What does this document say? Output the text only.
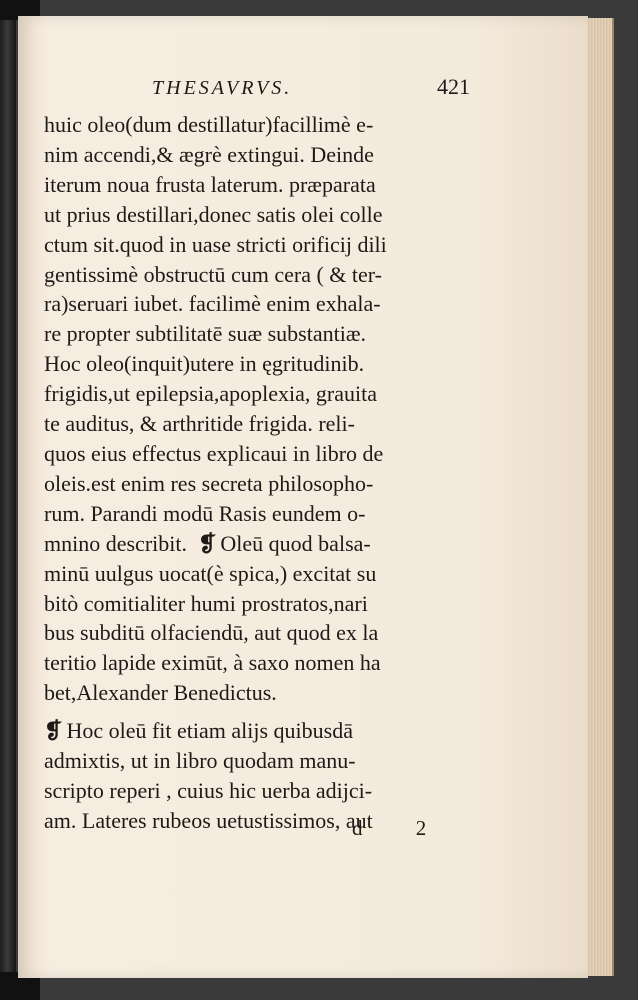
THESAVRVS.	421
huic oleo(dum destillatur)facillimè e-
nim accendi,& ægrè extingui. Deinde
iterum noua frusta laterum. præparata
ut prius destillari,donec satis olei colle
ctum sit.quod in uase stricti orificij dili
gentissimè obstructū cum cera ( & ter-
ra)seruari iubet. facilimè enim exhala-
re propter subtilitatē suæ substantiæ.
Hoc oleo(inquit)utere in ęgritudinib.
frigidis,ut epilepsia,apoplexia, grauita
te auditus, & arthritide frigida. reli-
quos eius effectus explicaui in libro de
oleis.est enim res secreta philosopho-
rum. Parandi modū Rasis eundem o-
mnino describit. ❡ Oleū quod balsa-
minū uulgus uocat(è spica,) excitat su
bitò comitialiter humi prostratos,nari
bus subditū olfaciendū, aut quod ex la
teritio lapide eximūt, à saxo nomen ha
bet,Alexander Benedictus.
❡ Hoc oleū fit etiam alijs quibusdā
admixtis, ut in libro quodam manu-
scripto reperi , cuius hic uerba adijci-
am. Lateres rubeos uetustissimos, aut
d 2
